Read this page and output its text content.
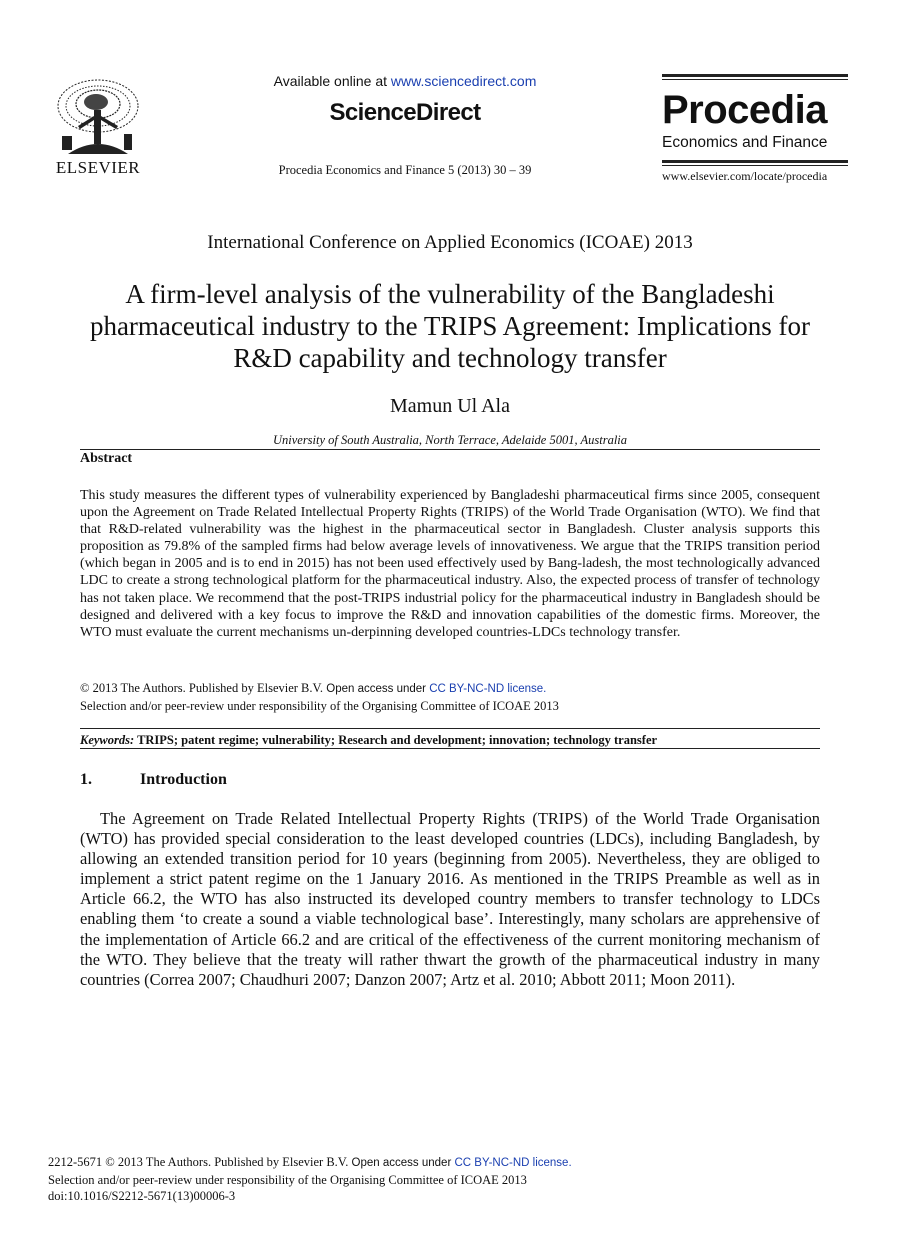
ELSEVIER
Available online at www.sciencedirect.com
ScienceDirect
Procedia Economics and Finance 5 (2013) 30 – 39
Procedia
Economics and Finance
www.elsevier.com/locate/procedia
International Conference on Applied Economics (ICOAE) 2013
A firm-level analysis of the vulnerability of the Bangladeshi pharmaceutical industry to the TRIPS Agreement: Implications for R&D capability and technology transfer
Mamun Ul Ala
University of South Australia, North Terrace, Adelaide 5001, Australia
Abstract
This study measures the different types of vulnerability experienced by Bangladeshi pharmaceutical firms since 2005, consequent upon the Agreement on Trade Related Intellectual Property Rights (TRIPS) of the World Trade Organisation (WTO). We find that that R&D-related vulnerability was the highest in the pharmaceutical sector in Bangladesh. Cluster analysis supports this proposition as 79.8% of the sampled firms had below average levels of innovativeness. We argue that the TRIPS transition period (which began in 2005 and is to end in 2015) has not been used effectively used by Bang-ladesh, the most technologically advanced LDC to create a strong technological platform for the pharmaceutical industry. Also, the expected process of transfer of technology has not taken place. We recommend that the post-TRIPS industrial policy for the pharmaceutical industry in Bangladesh should be designed and delivered with a key focus to improve the R&D and innovation capabilities of the domestic firms. Moreover, the WTO must evaluate the current mechanisms un-derpinning developed countries-LDCs technology transfer.
© 2013 The Authors. Published by Elsevier B.V. Open access under CC BY-NC-ND license.
Selection and/or peer-review under responsibility of the Organising Committee of ICOAE 2013
Keywords: TRIPS; patent regime; vulnerability; Research and development; innovation; technology transfer
1.	Introduction
The Agreement on Trade Related Intellectual Property Rights (TRIPS) of the World Trade Organisation (WTO) has provided special consideration to the least developed countries (LDCs), including Bangladesh, by allowing an extended transition period for 10 years (beginning from 2005). Nevertheless, they are obliged to implement a strict patent regime on the 1 January 2016. As mentioned in the TRIPS Preamble as well as in Article 66.2, the WTO has also instructed its developed country members to transfer technology to LDCs enabling them ‘to create a sound a viable technological base’. Interestingly, many scholars are apprehensive of the implementation of Article 66.2 and are critical of the effectiveness of the current monitoring mechanism of the WTO. They believe that the treaty will rather thwart the growth of the pharmaceutical industry in many countries (Correa 2007; Chaudhuri 2007; Danzon 2007; Artz et al. 2010; Abbott 2011; Moon 2011).
2212-5671 © 2013 The Authors. Published by Elsevier B.V. Open access under CC BY-NC-ND license.
Selection and/or peer-review under responsibility of the Organising Committee of ICOAE 2013
doi:10.1016/S2212-5671(13)00006-3
